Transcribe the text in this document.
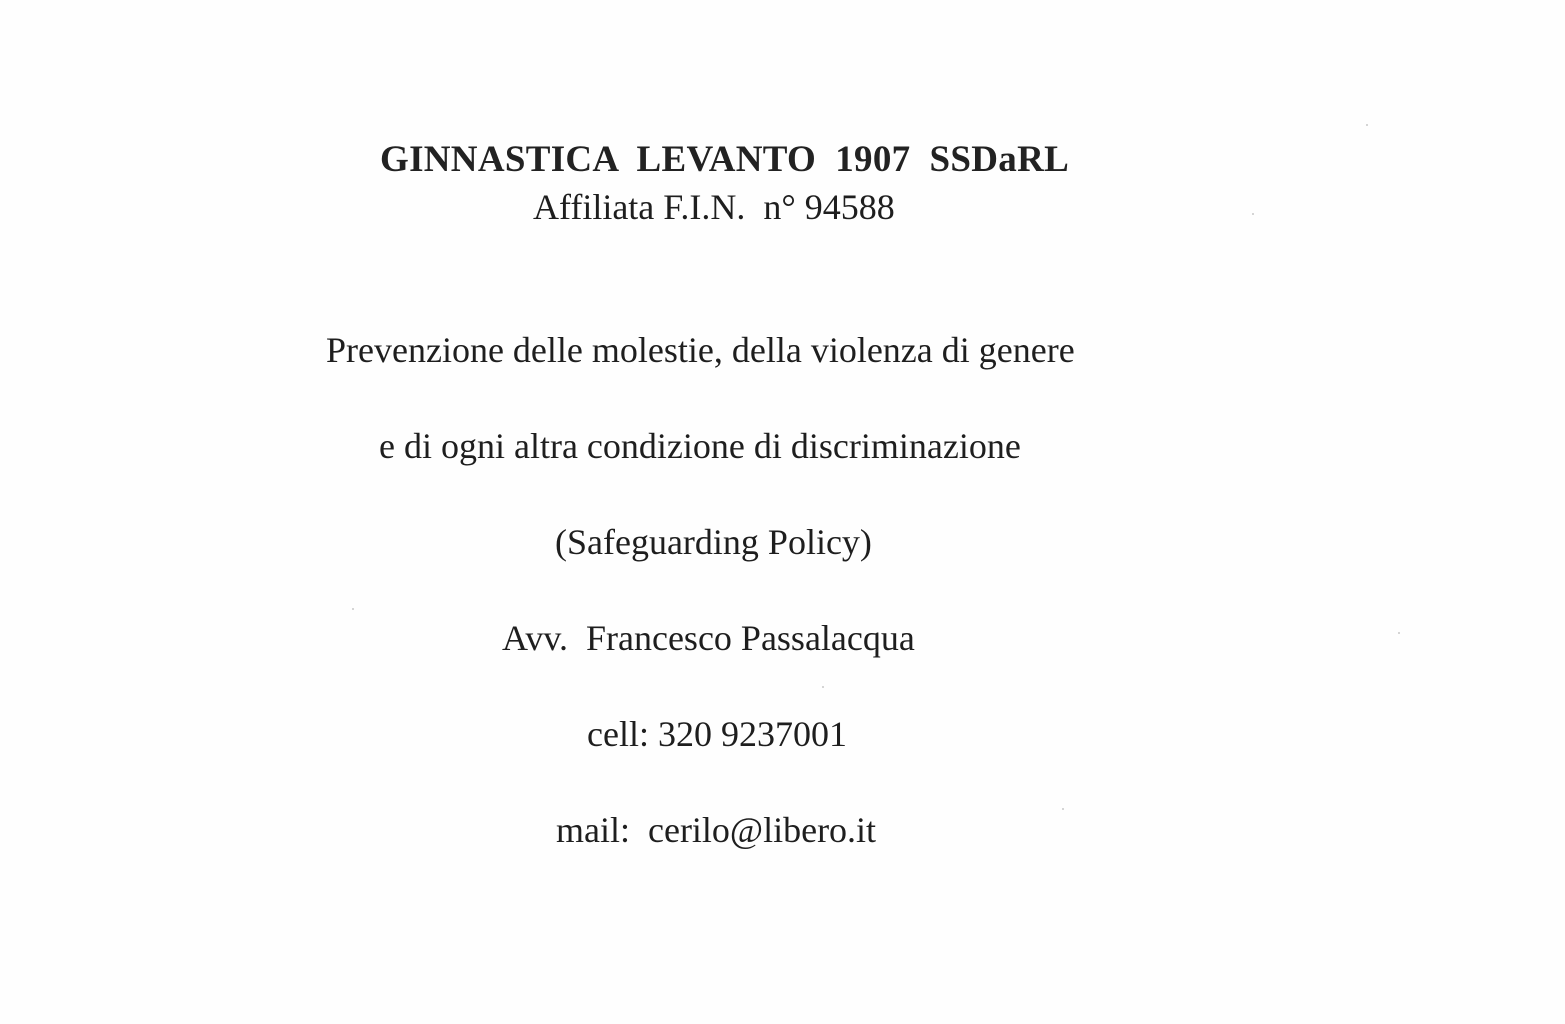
GINNASTICA  LEVANTO  1907  SSDaRL
Affiliata F.I.N.  n° 94588
Prevenzione delle molestie, della violenza di genere
e di ogni altra condizione di discriminazione
(Safeguarding Policy)
Avv.  Francesco Passalacqua
cell: 320 9237001
mail:  cerilo@libero.it
